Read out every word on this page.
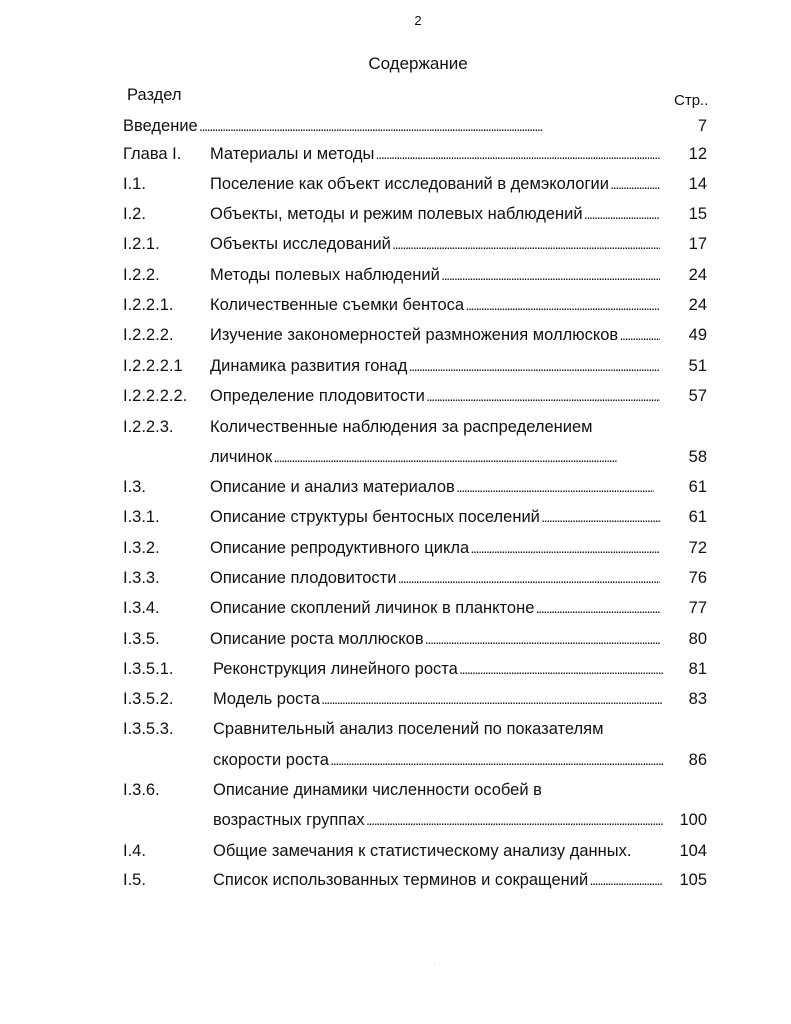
2
Содержание
Раздел	Стр..
Введение . . .	7
Глава I. Материалы и методы . . .	12
I.1.	Поселение как объект исследований в демэкологии . . .	14
I.2.	Объекты, методы и режим полевых наблюдений . . .	15
I.2.1.	Объекты исследований . . .	17
I.2.2.	Методы полевых наблюдений . . .	24
I.2.2.1. Количественные съемки бентоса . . .	24
I.2.2.2. Изучение закономерностей размножения моллюсков . . .	49
I.2.2.2.1 Динамика развития гонад . . .	51
I.2.2.2.2. Определение плодовитости . . .	57
I.2.2.3. Количественные наблюдения за распределением
личинок . . .	58
I.3.	Описание и анализ материалов . . .	61
I.3.1.	Описание структуры бентосных поселений . . .	61
I.3.2.	Описание репродуктивного цикла . . .	72
I.3.3.	Описание плодовитости . . .	76
I.3.4.	Описание скоплений личинок в планктоне . . .	77
I.3.5.	Описание роста моллюсков . . .	80
I.3.5.1. Реконструкция линейного роста . . .	81
I.3.5.2. Модель роста . . .	83
I.3.5.3. Сравнительный анализ поселений по показателям
скорости роста . . .	86
I.3.6.	Описание динамики численности особей в
возрастных группах . . .	100
I.4.	Общие замечания к статистическому анализу данных.	104
I.5.	Список использованных терминов и сокращений . . .	105
.
